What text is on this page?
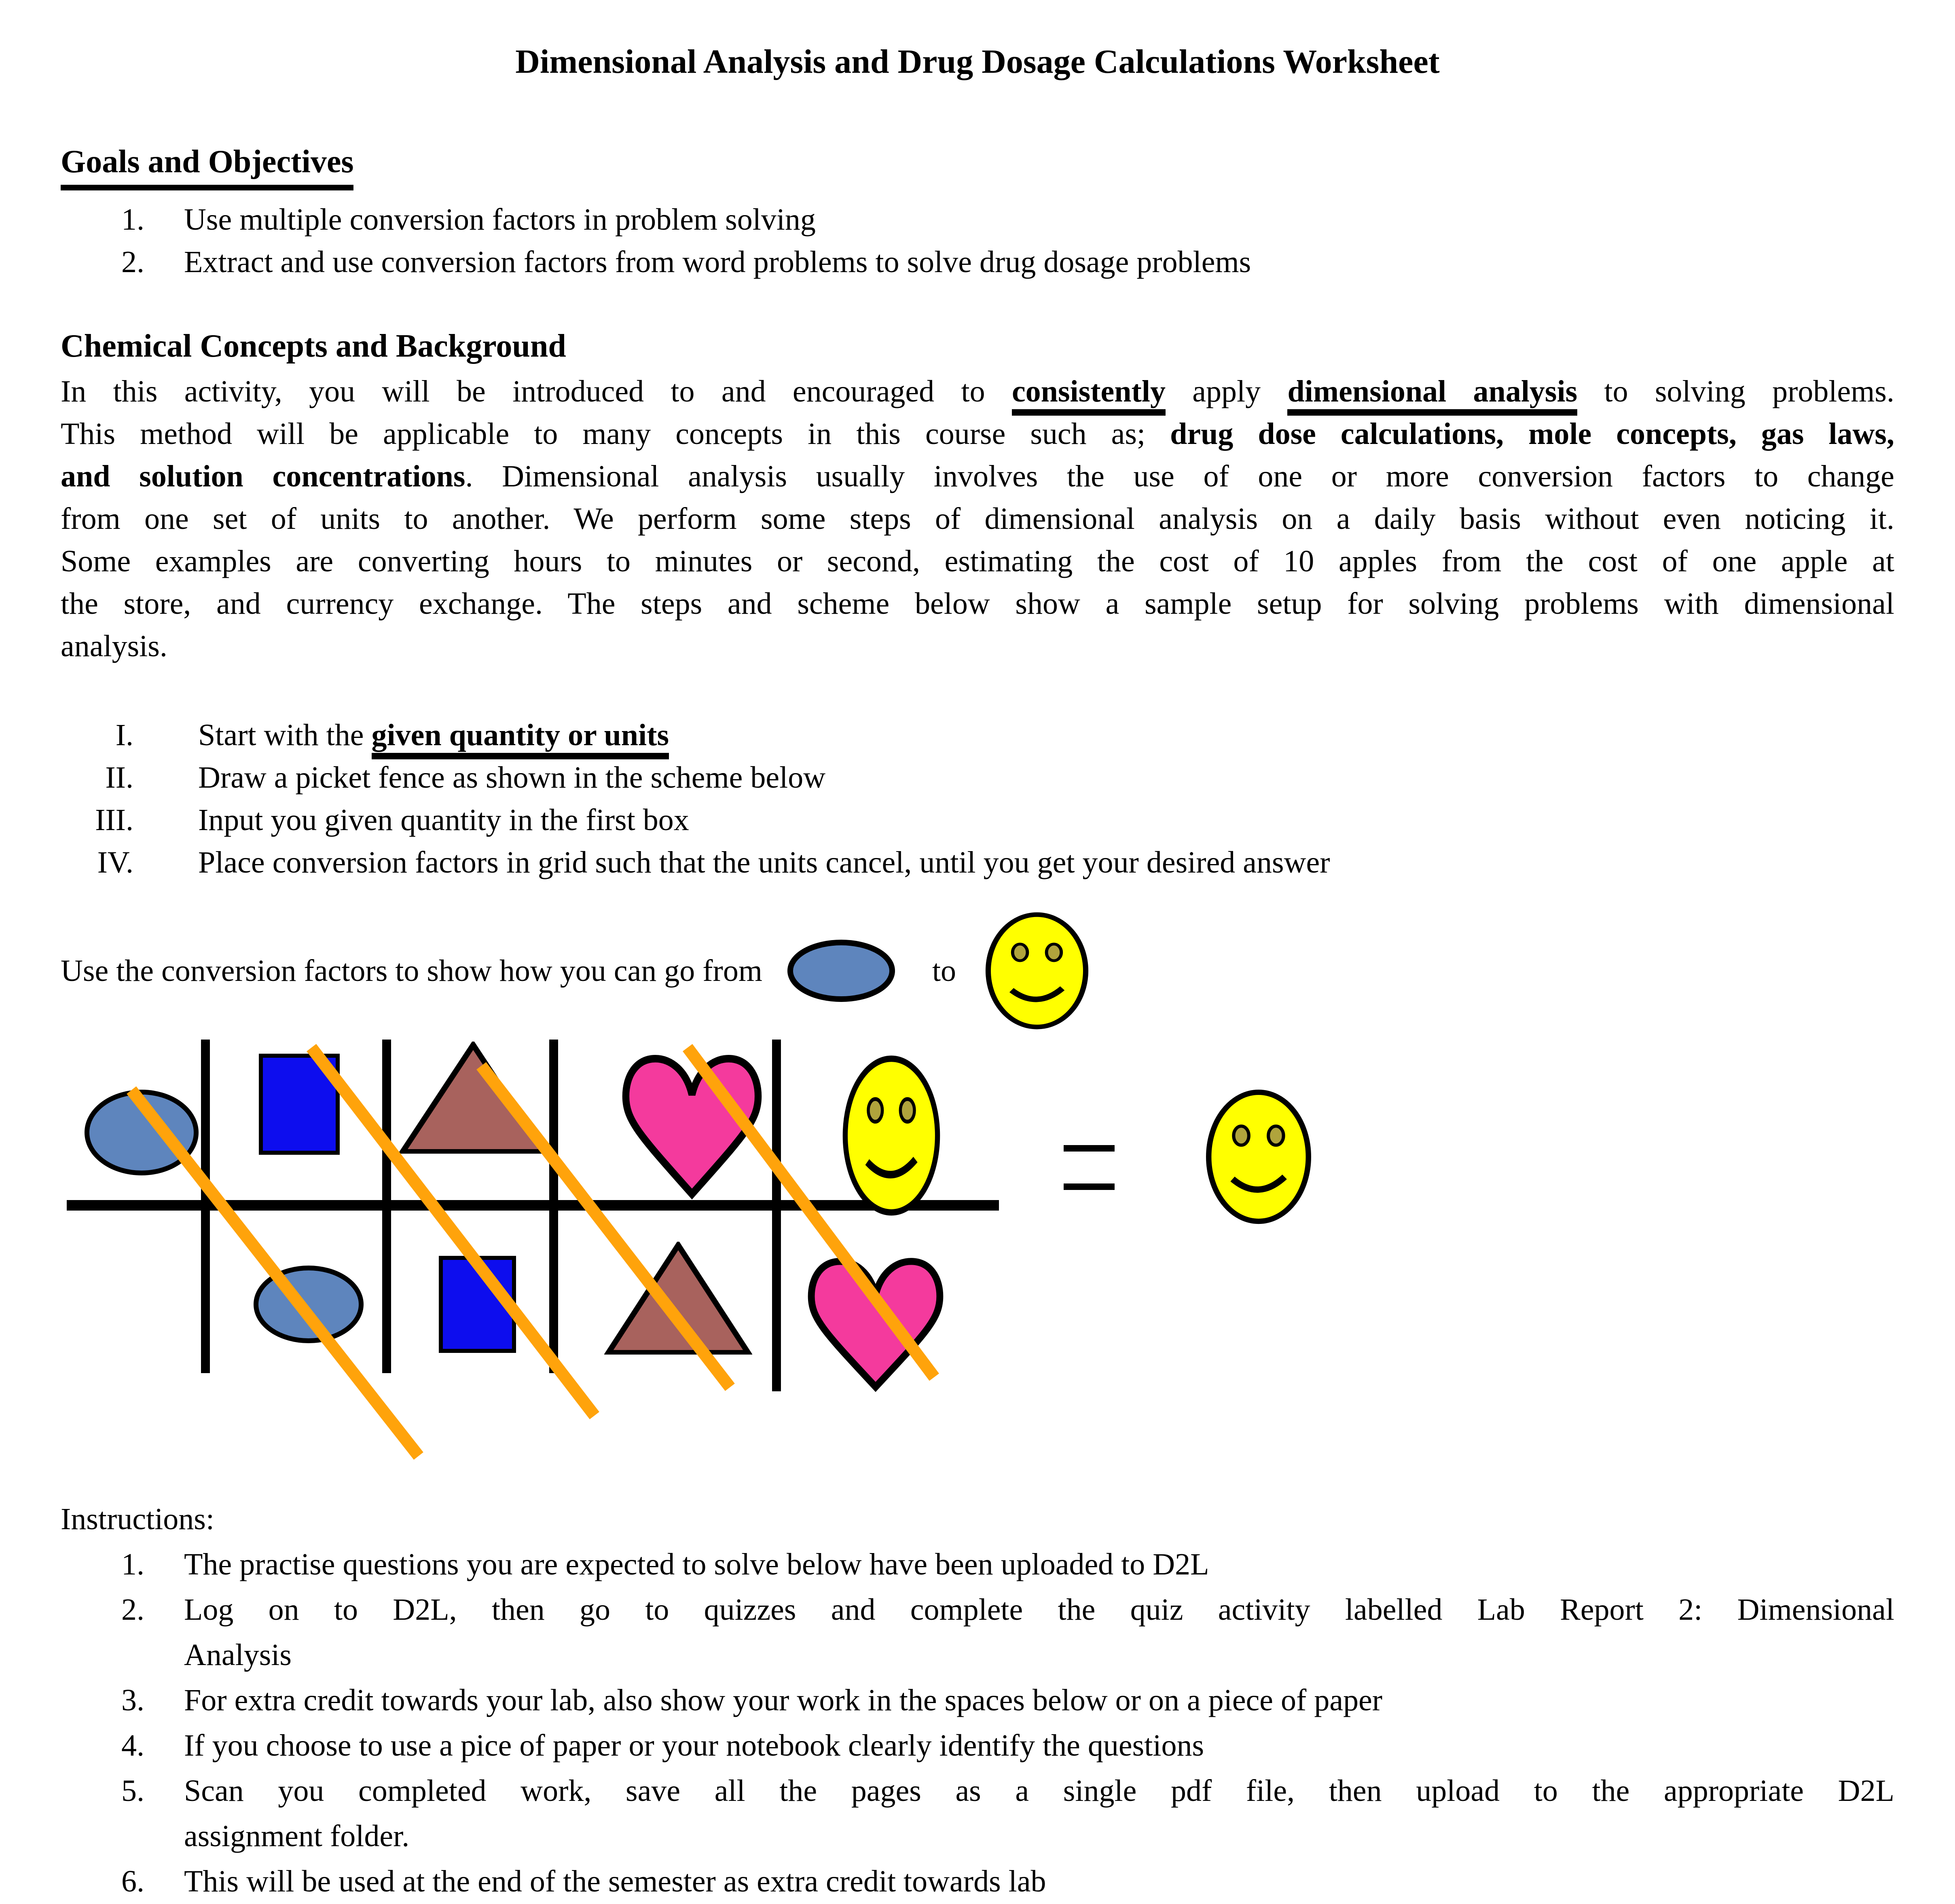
Dimensional Analysis and Drug Dosage Calculations Worksheet
Goals and Objectives
1.	Use multiple conversion factors in problem solving
2.	Extract and use conversion factors from word problems to solve drug dosage problems
Chemical Concepts and Background
In this activity, you will be introduced to and encouraged to consistently apply dimensional analysis to solving problems.
This method will be applicable to many concepts in this course such as; drug dose calculations, mole concepts, gas laws,
and solution concentrations. Dimensional analysis usually involves the use of one or more conversion factors to change
from one set of units to another. We perform some steps of dimensional analysis on a daily basis without even noticing it.
Some examples are converting hours to minutes or second, estimating the cost of 10 apples from the cost of one apple at
the store, and currency exchange. The steps and scheme below show a sample setup for solving problems with dimensional
analysis.
I. Start with the given quantity or units
II. Draw a picket fence as shown in the scheme below
III. Input you given quantity in the first box
IV. Place conversion factors in grid such that the units cancel, until you get your desired answer
Use the conversion factors to show how you can go from	to
Instructions:
1.	The practise questions you are expected to solve below have been uploaded to D2L
2.	Log on to D2L, then go to quizzes and complete the quiz activity labelled Lab Report 2: Dimensional
Analysis
3.	For extra credit towards your lab, also show your work in the spaces below or on a piece of paper
4.	If you choose to use a pice of paper or your notebook clearly identify the questions
5.	Scan you completed work, save all the pages as a single pdf file, then upload to the appropriate D2L
assignment folder.
6.	This will be used at the end of the semester as extra credit towards lab
